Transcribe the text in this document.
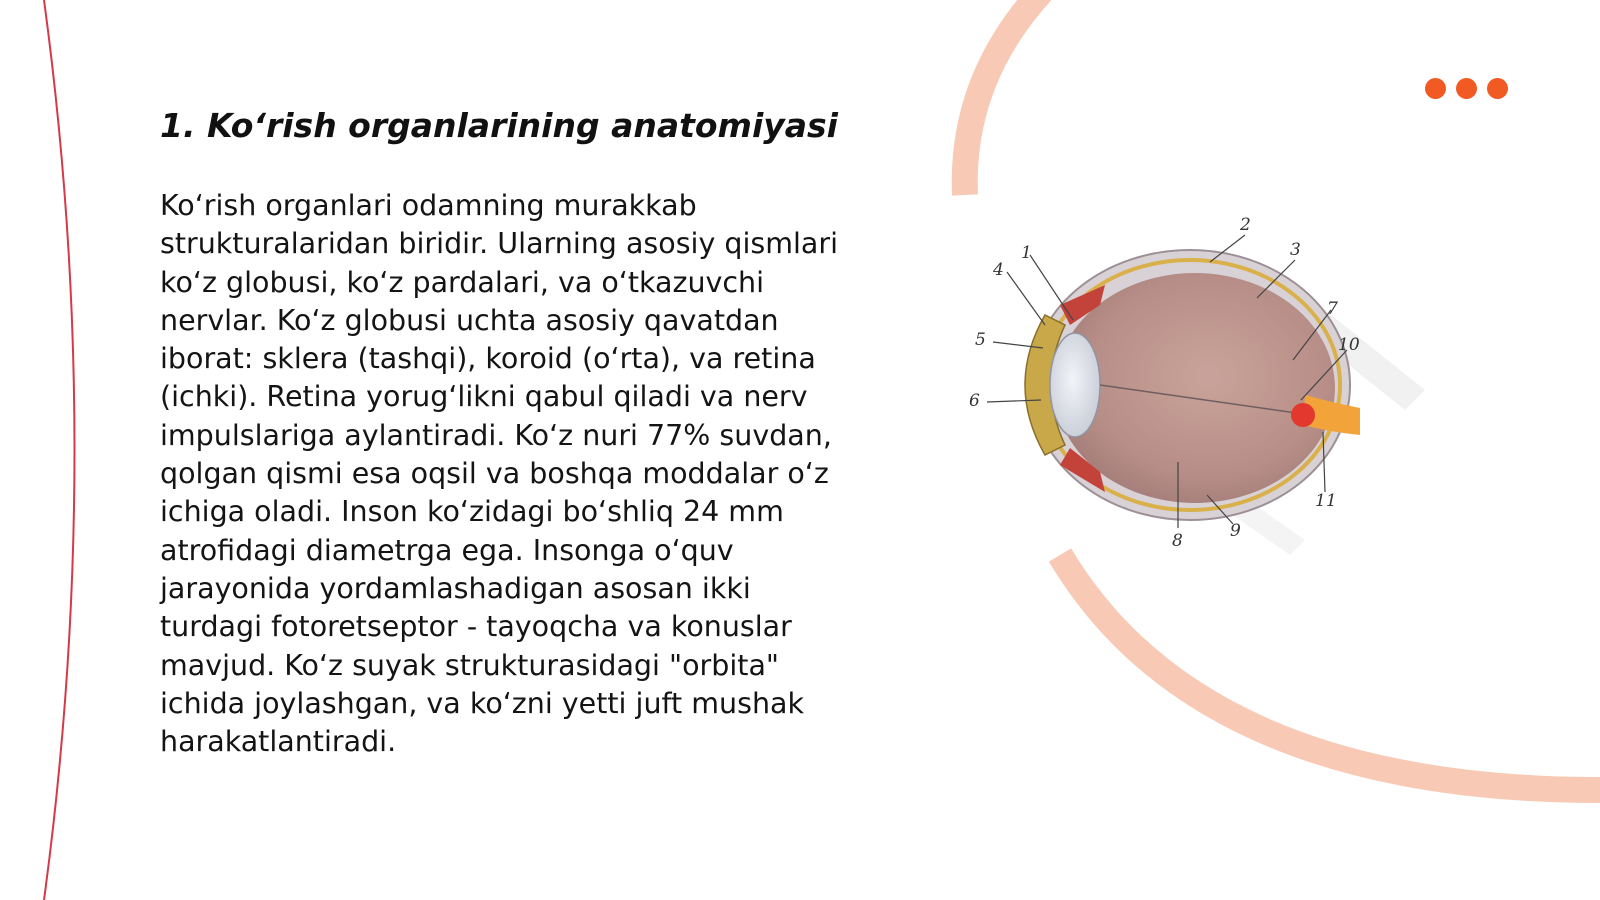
1. Ko‘rish organlarining anatomiyasi

Ko‘rish organlari odamning murakkab strukturalaridan biridir. Ularning asosiy qismlari ko‘z globusi, ko‘z pardalari, va o‘tkazuvchi nervlar. Ko‘z globusi uchta asosiy qavatdan iborat: sklera (tashqi), koroid (o‘rta), va retina (ichki). Retina yorug‘likni qabul qiladi va nerv impulslariga aylantiradi. Ko‘z nuri 77% suvdan, qolgan qismi esa oqsil va boshqa moddalar o‘z ichiga oladi. Inson ko‘zidagi bo‘shliq 24 mm atrofidagi diametrga ega. Insonga o‘quv jarayonida yordamlashadigan asosan ikki turdagi fotoretseptor - tayoqcha va konuslar mavjud. Ko‘z suyak strukturasidagi "orbita" ichida joylashgan, va ko‘zni yetti juft mushak harakatlantiradi.

1
2
3
4
5
6
7
8	9
10
11
